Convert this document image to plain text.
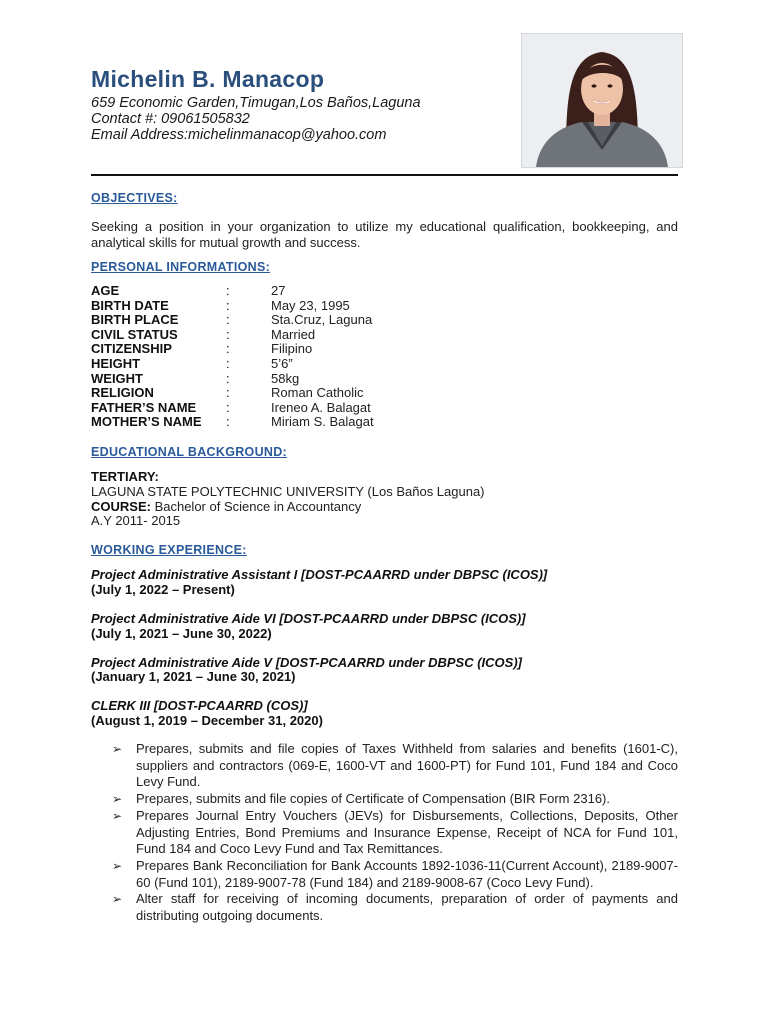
Michelin B. Manacop
659 Economic Garden,Timugan,Los Baños,Laguna
Contact #: 09061505832
Email Address:michelinmanacop@yahoo.com
OBJECTIVES:
Seeking a position in your organization to utilize my educational qualification, bookkeeping, and analytical skills for mutual growth and success.
PERSONAL INFORMATIONS:
AGE	:	27
BIRTH DATE	:	May 23, 1995
BIRTH PLACE	:	Sta.Cruz, Laguna
CIVIL STATUS	:	Married
CITIZENSHIP	:	Filipino
HEIGHT	:	5’6”
WEIGHT	:	58kg
RELIGION	:	Roman Catholic
FATHER’S NAME :	Ireneo A. Balagat
MOTHER’S NAME :	Miriam S. Balagat
EDUCATIONAL BACKGROUND:
TERTIARY:
LAGUNA STATE POLYTECHNIC UNIVERSITY (Los Baños Laguna)
COURSE: Bachelor of Science in Accountancy
A.Y 2011- 2015
WORKING EXPERIENCE:
Project Administrative Assistant I [DOST-PCAARRD under DBPSC (ICOS)]
(July 1, 2022 – Present)
Project Administrative Aide VI [DOST-PCAARRD under DBPSC (ICOS)]
(July 1, 2021 – June 30, 2022)
Project Administrative Aide V [DOST-PCAARRD under DBPSC (ICOS)]
(January 1, 2021 – June 30, 2021)
CLERK III [DOST-PCAARRD (COS)]
(August 1, 2019 – December 31, 2020)
➢ Prepares, submits and file copies of Taxes Withheld from salaries and benefits (1601-C), suppliers and contractors (069-E, 1600-VT and 1600-PT) for Fund 101, Fund 184 and Coco Levy Fund.
➢ Prepares, submits and file copies of Certificate of Compensation (BIR Form 2316).
➢ Prepares Journal Entry Vouchers (JEVs) for Disbursements, Collections, Deposits, Other Adjusting Entries, Bond Premiums and Insurance Expense, Receipt of NCA for Fund 101, Fund 184 and Coco Levy Fund and Tax Remittances.
➢ Prepares Bank Reconciliation for Bank Accounts 1892-1036-11(Current Account), 2189-9007-60 (Fund 101), 2189-9007-78 (Fund 184) and 2189-9008-67 (Coco Levy Fund).
➢ Alter staff for receiving of incoming documents, preparation of order of payments and distributing outgoing documents.
